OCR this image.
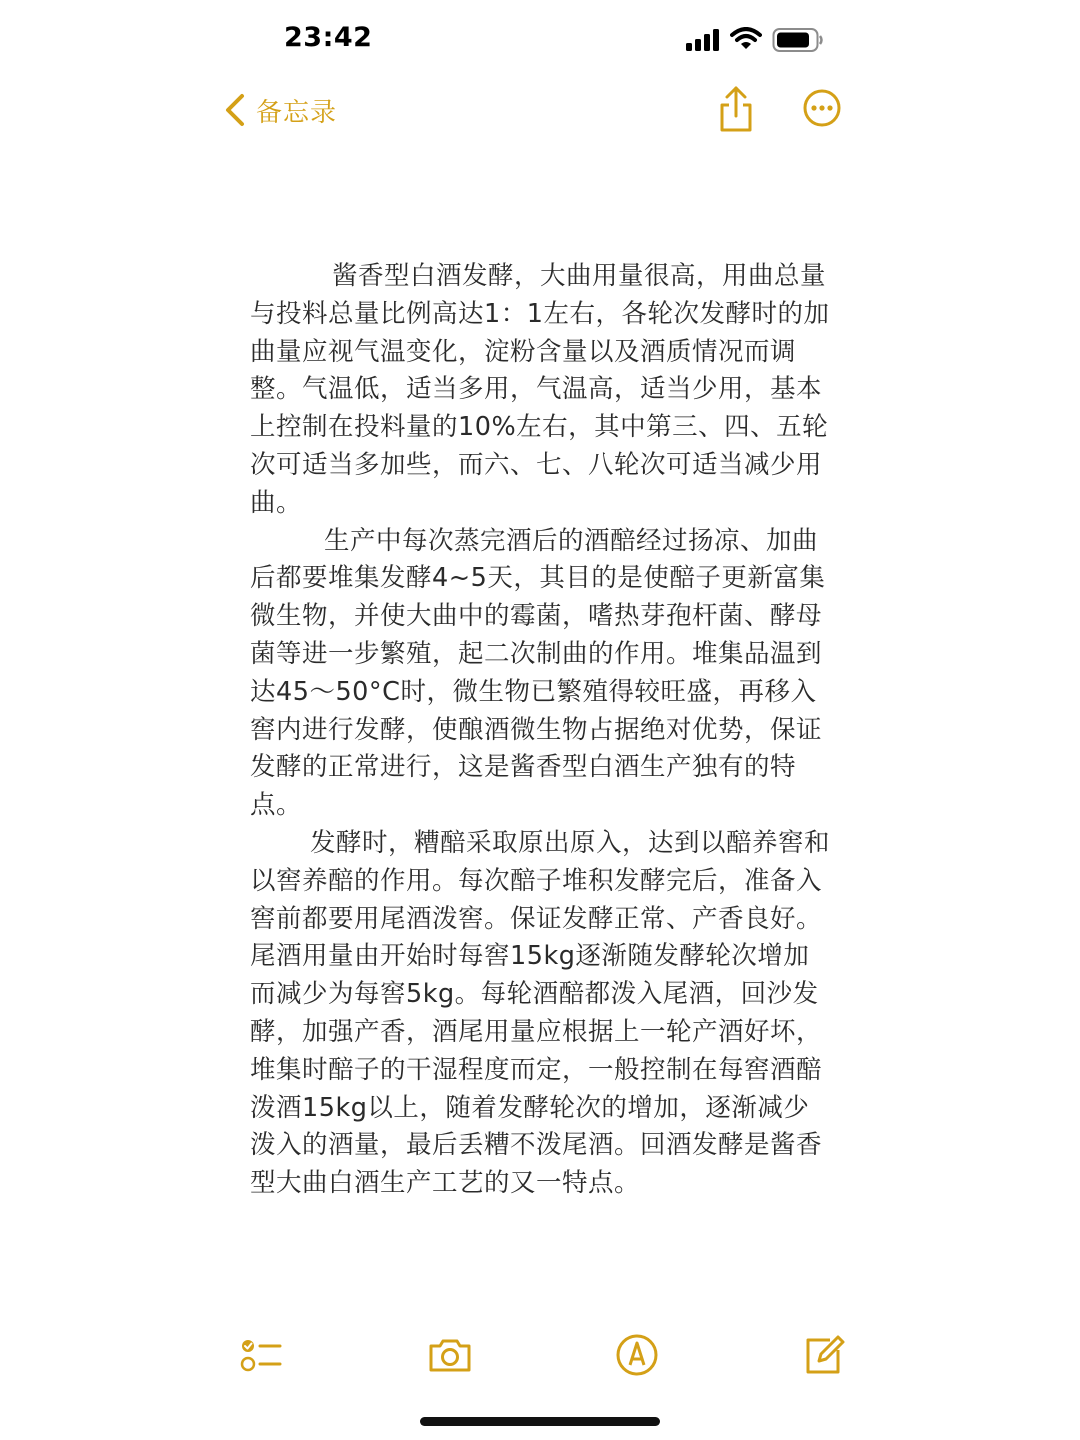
23:42
备忘录

酱香型白酒发酵，大曲用量很高，用曲总量与投料总量比例高达1：1左右，各轮次发酵时的加曲量应视气温变化，淀粉含量以及酒质情况而调整。气温低，适当多用，气温高，适当少用，基本上控制在投料量的10%左右，其中第三、四、五轮次可适当多加些，而六、七、八轮次可适当减少用曲。

生产中每次蒸完酒后的酒醅经过扬凉、加曲后都要堆集发酵4~5天，其目的是使醅子更新富集微生物，并使大曲中的霉菌，嗜热芽孢杆菌、酵母菌等进一步繁殖，起二次制曲的作用。堆集品温到达45～50°C时，微生物已繁殖得较旺盛，再移入窖内进行发酵，使酿酒微生物占据绝对优势，保证发酵的正常进行，这是酱香型白酒生产独有的特点。

发酵时，糟醅采取原出原入，达到以醅养窖和以窖养醅的作用。每次醅子堆积发酵完后，准备入窖前都要用尾酒泼窖。保证发酵正常、产香良好。尾酒用量由开始时每窖15kg逐渐随发酵轮次增加而减少为每窖5kg。每轮酒醅都泼入尾酒，回沙发酵，加强产香，酒尾用量应根据上一轮产酒好坏，堆集时醅子的干湿程度而定，一般控制在每窖酒醅泼酒15kg以上，随着发酵轮次的增加，逐渐减少泼入的酒量，最后丢糟不泼尾酒。回酒发酵是酱香型大曲白酒生产工艺的又一特点。
